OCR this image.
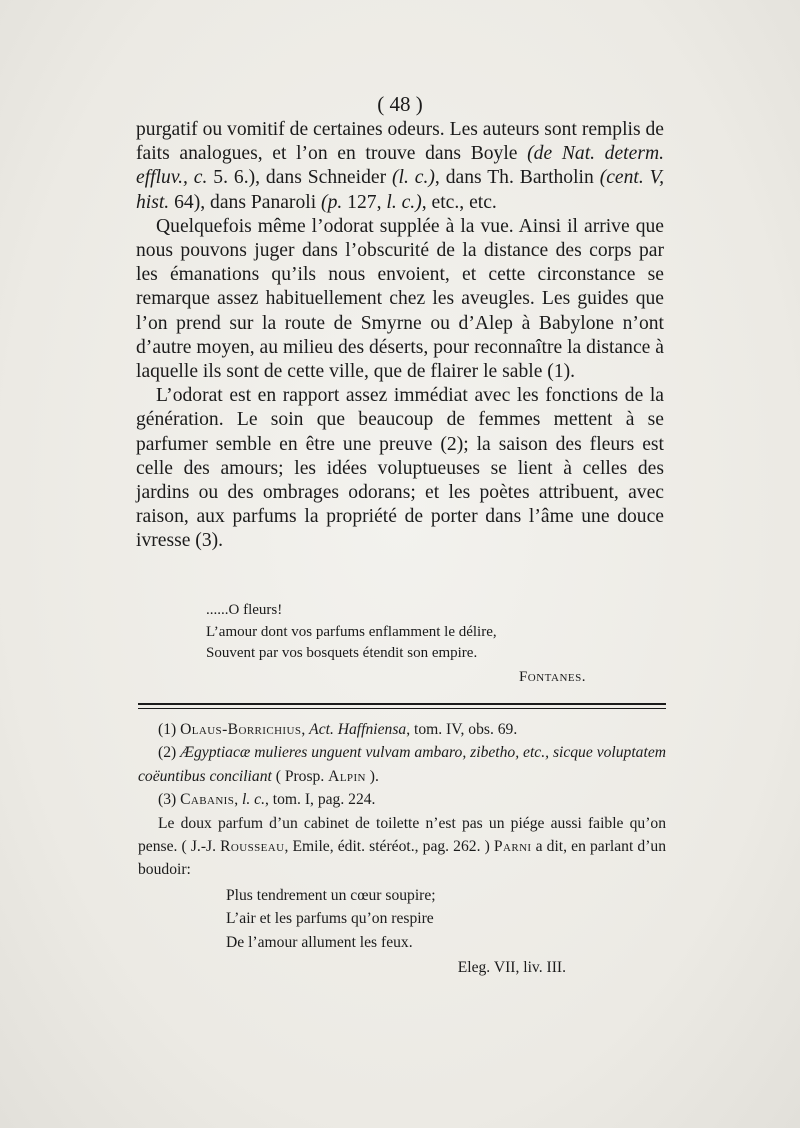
( 48 )

purgatif ou vomitif de certaines odeurs. Les auteurs sont remplis de faits analogues, et l’on en trouve dans Boyle (de Nat. determ. effluv., c. 5. 6.), dans Schneider (l. c.), dans Th. Bartholin (cent. V, hist. 64), dans Panaroli (p. 127, l. c.), etc., etc.

Quelquefois même l’odorat supplée à la vue. Ainsi il arrive que nous pouvons juger dans l’obscurité de la distance des corps par les émanations qu’ils nous envoient, et cette circonstance se remarque assez habituellement chez les aveugles. Les guides que l’on prend sur la route de Smyrne ou d’Alep à Babylone n’ont d’autre moyen, au milieu des déserts, pour reconnaître la distance à laquelle ils sont de cette ville, que de flairer le sable (1).

L’odorat est en rapport assez immédiat avec les fonctions de la génération. Le soin que beaucoup de femmes mettent à se parfumer semble en être une preuve (2); la saison des fleurs est celle des amours; les idées voluptueuses se lient à celles des jardins ou des ombrages odorans; et les poètes attribuent, avec raison, aux parfums la propriété de porter dans l’âme une douce ivresse (3).

......O fleurs!
L’amour dont vos parfums enflamment le délire,
Souvent par vos bosquets étendit son empire.
Fontanes.

(1) Olaus-Borrichius, Act. Haffniensa, tom. IV, obs. 69.

(2) Ægyptiacæ mulieres unguent vulvam ambaro, zibetho, etc., sicque voluptatem coëuntibus conciliant ( Prosp. Alpin ).

(3) Cabanis, l. c., tom. I, pag. 224.

Le doux parfum d’un cabinet de toilette n’est pas un piége aussi faible qu’on pense. ( J.-J. Rousseau, Emile, édit. stéréot., pag. 262. ) Parni a dit, en parlant d’un boudoir:

Plus tendrement un cœur soupire;
L’air et les parfums qu’on respire
De l’amour allument les feux.
Eleg. VII, liv. III.
